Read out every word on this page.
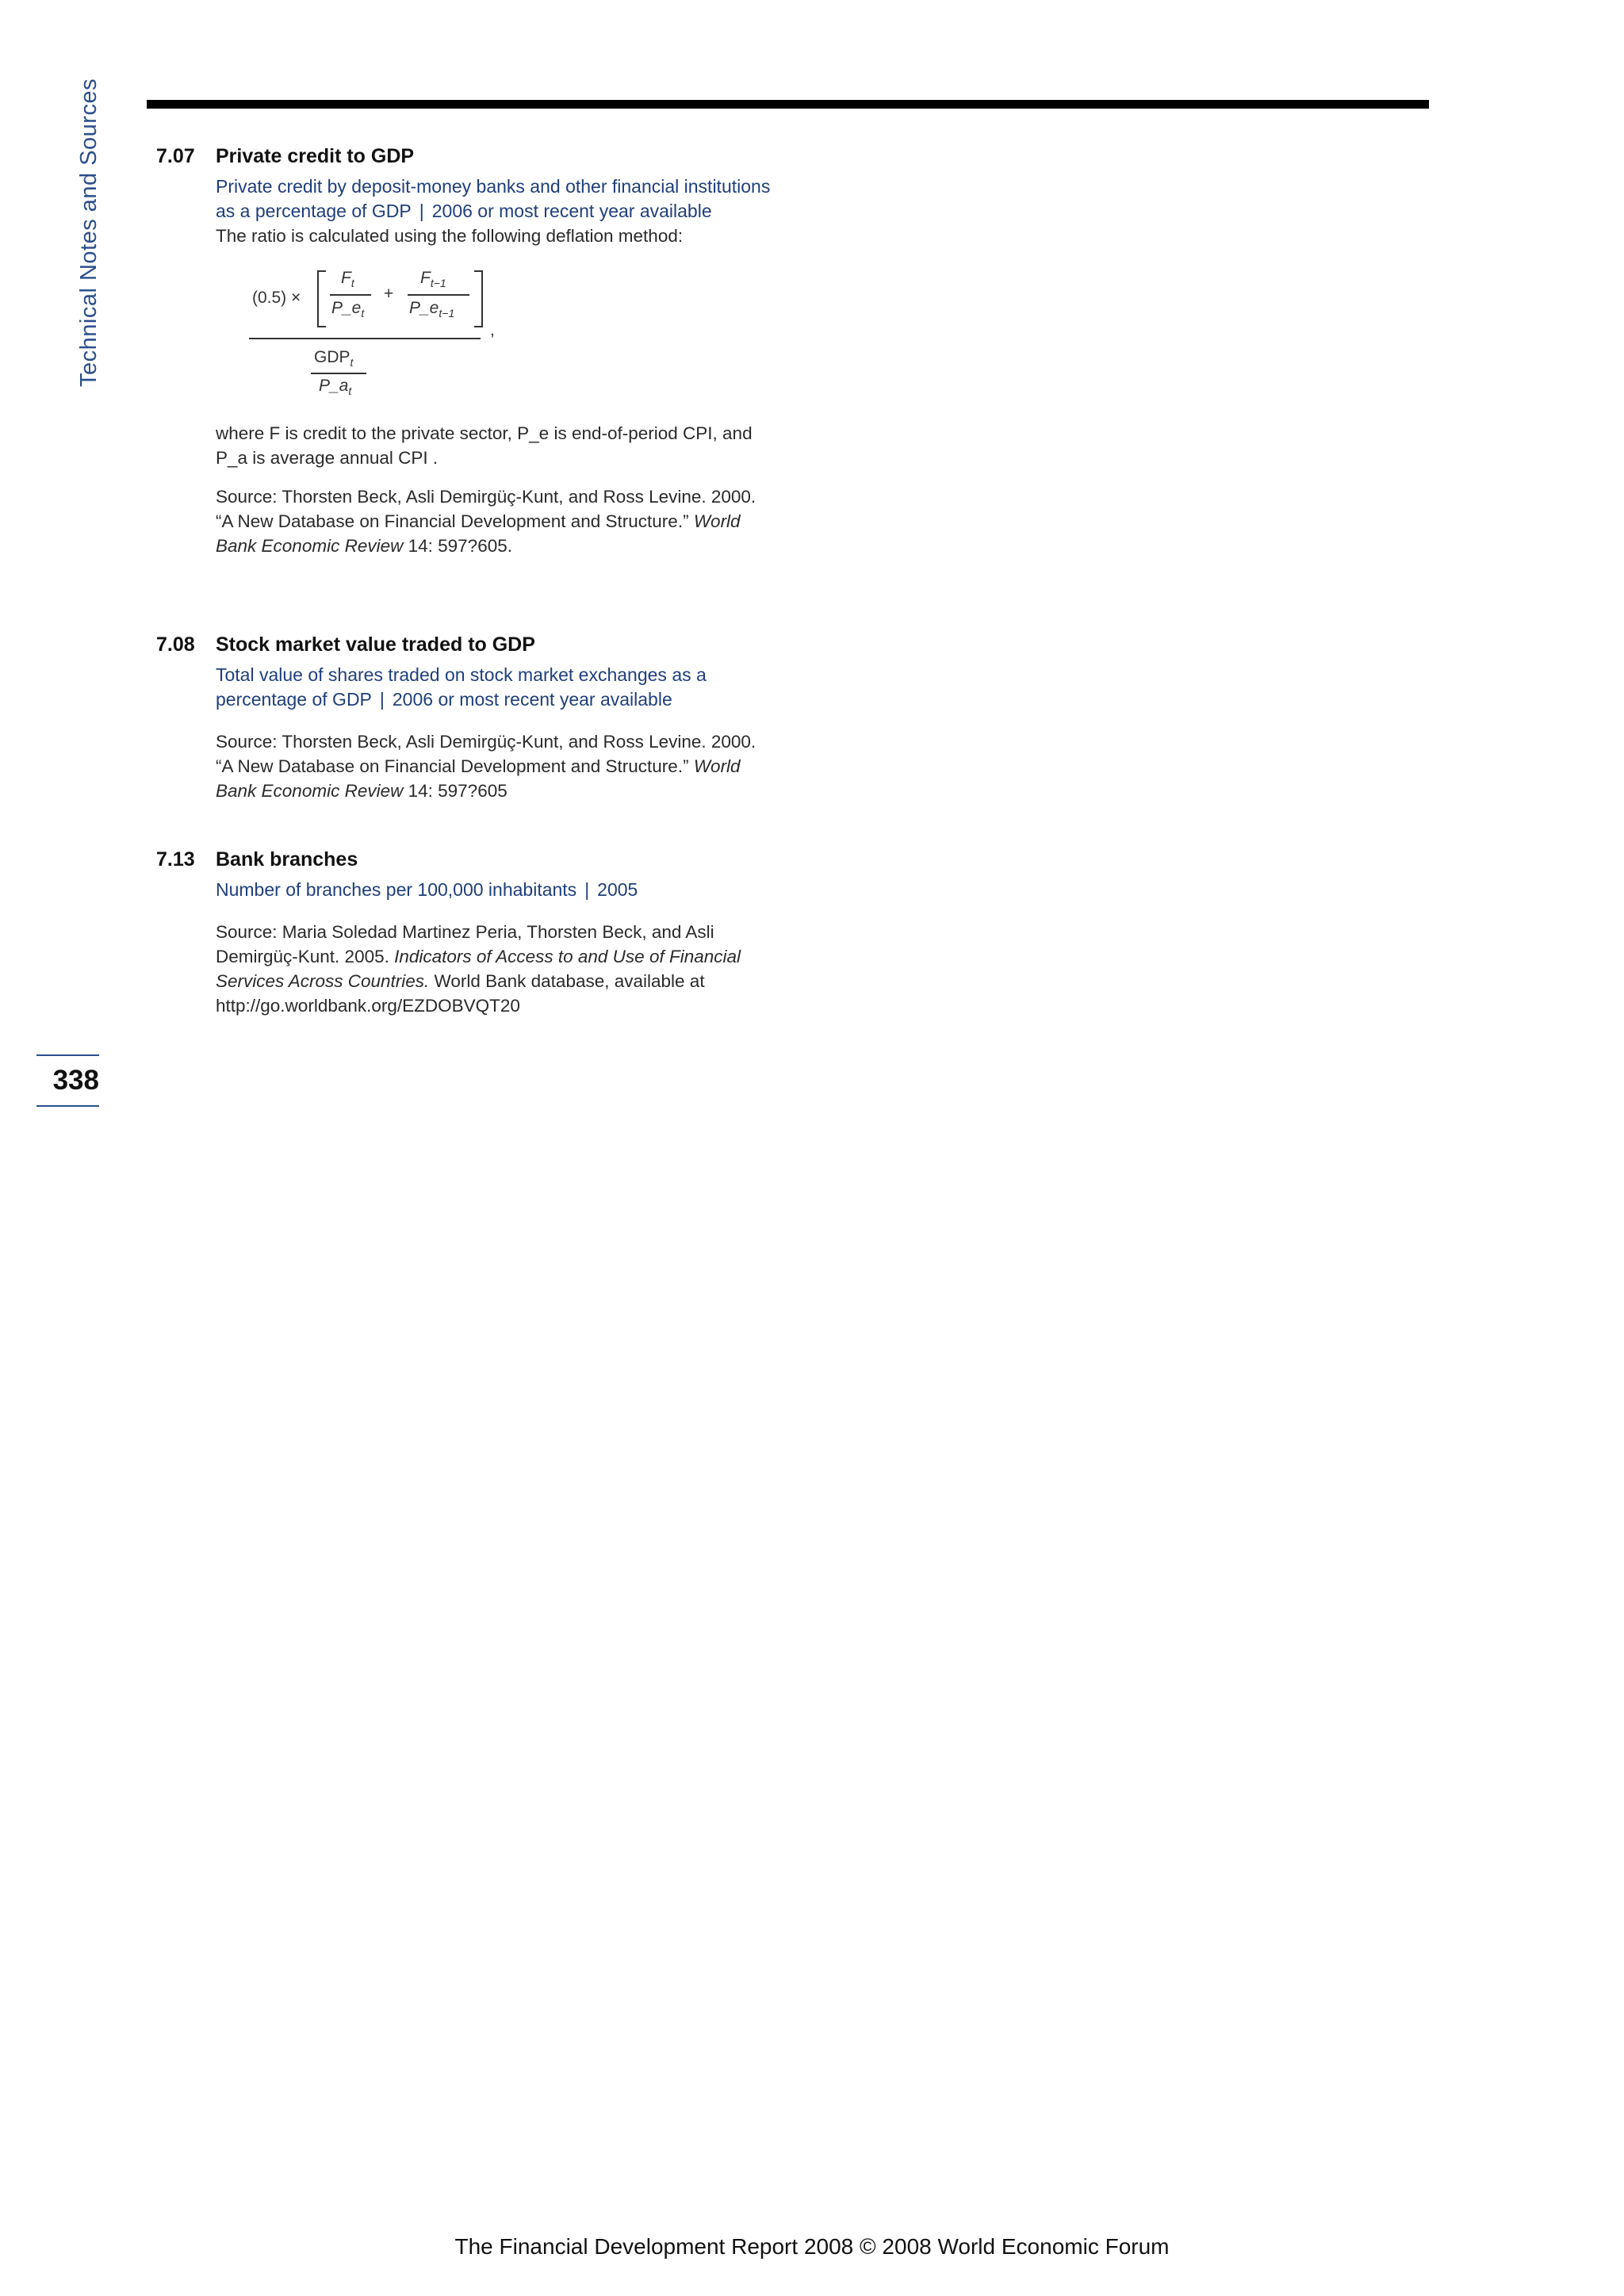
Technical Notes and Sources	7.07	Private credit to GDP
Private credit by deposit-money banks and other financial institutions as a percentage of GDP | 2006 or most recent year available
The ratio is calculated using the following deflation method:
(0.5) ×
$F_t$
$P\_e_t$
+
$F_{t-1}$
$P\_e_{t-1}$
,
$GDP_t$
$P\_a_t$
where F is credit to the private sector, P_e is end-of-period CPI, and P_a is average annual CPI .
Source: Thorsten Beck, Asli Demirgüç-Kunt, and Ross Levine. 2000. “A New Database on Financial Development and Structure.” World Bank Economic Review 14: 597?605.
7.08	Stock market value traded to GDP
Total value of shares traded on stock market exchanges as a percentage of GDP | 2006 or most recent year available
Source: Thorsten Beck, Asli Demirgüç-Kunt, and Ross Levine. 2000. “A New Database on Financial Development and Structure.” World Bank Economic Review 14: 597?605
7.13	Bank branches
Number of branches per 100,000 inhabitants | 2005
Source: Maria Soledad Martinez Peria, Thorsten Beck, and Asli Demirgüç-Kunt. 2005. Indicators of Access to and Use of Financial Services Across Countries. World Bank database, available at http://go.worldbank.org/EZDOBVQT20
338
The Financial Development Report 2008 © 2008 World Economic Forum
